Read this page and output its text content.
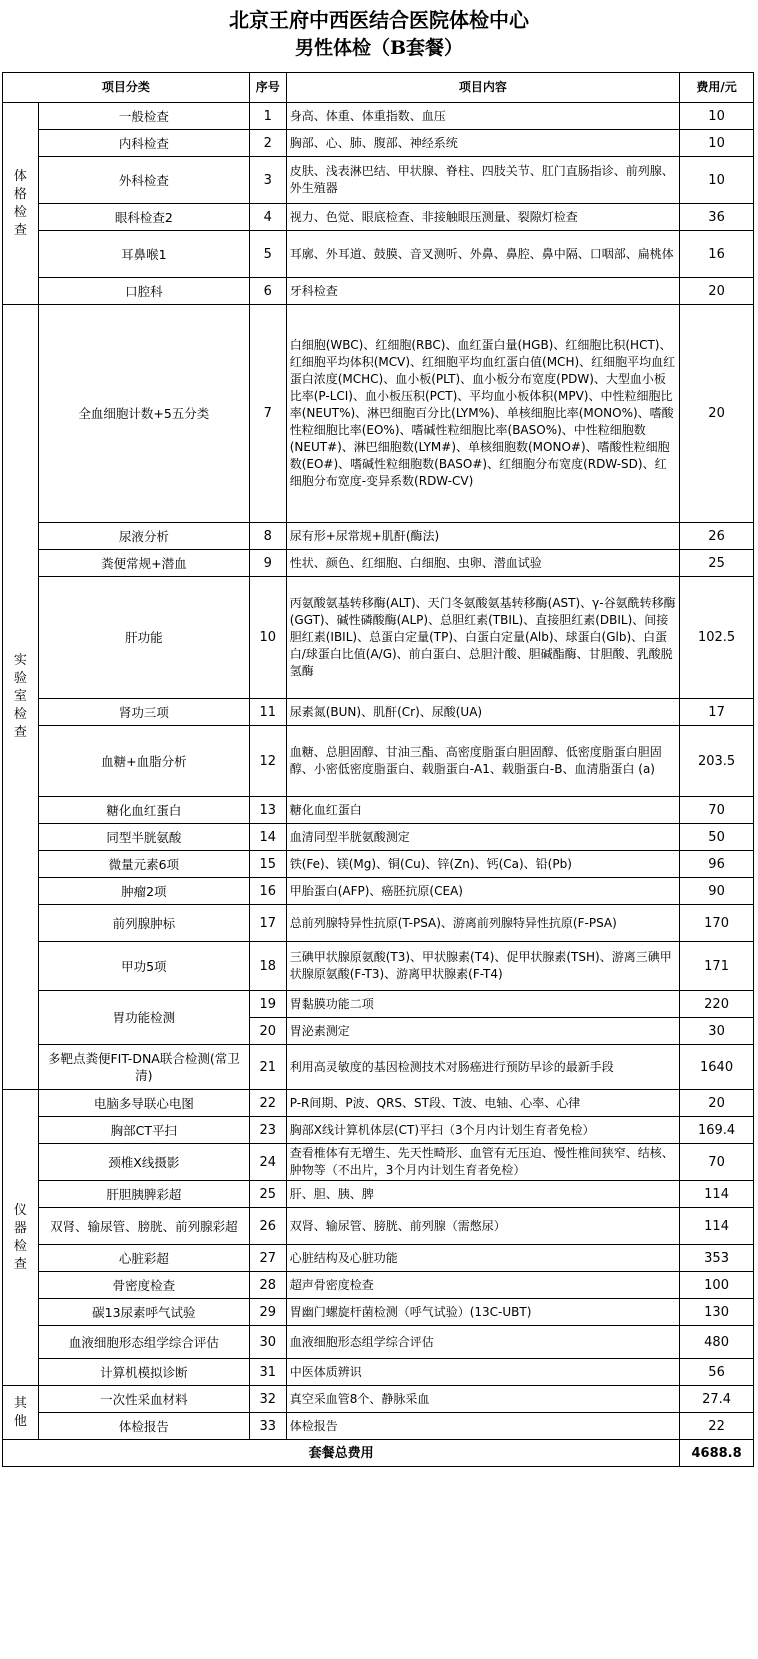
北京王府中西医结合医院体检中心
男性体检（B套餐）
项目分类		序号	项目内容	费用/元
体格检查	一般检查	1	身高、体重、体重指数、血压	10
	内科检查	2	胸部、心、肺、腹部、神经系统	10
	外科检查	3	皮肤、浅表淋巴结、甲状腺、脊柱、四肢关节、肛门直肠指诊、前列腺、外生殖器	10
	眼科检查2	4	视力、色觉、眼底检查、非接触眼压测量、裂隙灯检查	36
	耳鼻喉1	5	耳廓、外耳道、鼓膜、音叉测听、外鼻、鼻腔、鼻中隔、口咽部、扁桃体	16
	口腔科	6	牙科检查	20
实验室检查	全血细胞计数+5五分类	7	白细胞(WBC)、红细胞(RBC)、血红蛋白量(HGB)、红细胞比积(HCT)、红细胞平均体积(MCV)、红细胞平均血红蛋白值(MCH)、红细胞平均血红蛋白浓度(MCHC)、血小板(PLT)、血小板分布宽度(PDW)、大型血小板比率(P-LCI)、血小板压积(PCT)、平均血小板体积(MPV)、中性粒细胞比率(NEUT%)、淋巴细胞百分比(LYM%)、单核细胞比率(MONO%)、嗜酸性粒细胞比率(EO%)、嗜碱性粒细胞比率(BASO%)、中性粒细胞数(NEUT#)、淋巴细胞数(LYM#)、单核细胞数(MONO#)、嗜酸性粒细胞数(EO#)、嗜碱性粒细胞数(BASO#)、红细胞分布宽度(RDW-SD)、红细胞分布宽度-变异系数(RDW-CV)	20
	尿液分析	8	尿有形+尿常规+肌酐(酶法)	26
	粪便常规+潜血	9	性状、颜色、红细胞、白细胞、虫卵、潜血试验	25
	肝功能	10	丙氨酸氨基转移酶(ALT)、天门冬氨酸氨基转移酶(AST)、γ-谷氨酰转移酶(GGT)、碱性磷酸酶(ALP)、总胆红素(TBIL)、直接胆红素(DBIL)、间接胆红素(IBIL)、总蛋白定量(TP)、白蛋白定量(Alb)、球蛋白(Glb)、白蛋白/球蛋白比值(A/G)、前白蛋白、总胆汁酸、胆碱酯酶、甘胆酸、乳酸脱氢酶	102.5
	肾功三项	11	尿素氮(BUN)、肌酐(Cr)、尿酸(UA)	17
	血糖+血脂分析	12	血糖、总胆固醇、甘油三酯、高密度脂蛋白胆固醇、低密度脂蛋白胆固醇、小密低密度脂蛋白、载脂蛋白-A1、载脂蛋白-B、血清脂蛋白 (a)	203.5
	糖化血红蛋白	13	糖化血红蛋白	70
	同型半胱氨酸	14	血清同型半胱氨酸测定	50
	微量元素6项	15	铁(Fe)、镁(Mg)、铜(Cu)、锌(Zn)、钙(Ca)、铅(Pb)	96
	肿瘤2项	16	甲胎蛋白(AFP)、癌胚抗原(CEA)	90
	前列腺肿标	17	总前列腺特异性抗原(T-PSA)、游离前列腺特异性抗原(F-PSA)	170
	甲功5项	18	三碘甲状腺原氨酸(T3)、甲状腺素(T4)、促甲状腺素(TSH)、游离三碘甲状腺原氨酸(F-T3)、游离甲状腺素(F-T4)	171
	胃功能检测	19	胃黏膜功能二项	220
		20	胃泌素测定	30
	多靶点粪便FIT-DNA联合检测(常卫清)	21	利用高灵敏度的基因检测技术对肠癌进行预防早诊的最新手段	1640
仪器检查	电脑多导联心电图	22	P-R间期、P波、QRS、ST段、T波、电轴、心率、心律	20
	胸部CT平扫	23	胸部X线计算机体层(CT)平扫（3个月内计划生育者免检）	169.4
	颈椎X线摄影	24	查看椎体有无增生、先天性畸形、血管有无压迫、慢性椎间狭窄、结核、肿物等（不出片，3个月内计划生育者免检）	70
	肝胆胰脾彩超	25	肝、胆、胰、脾	114
	双肾、输尿管、膀胱、前列腺彩超	26	双肾、输尿管、膀胱、前列腺（需憋尿）	114
	心脏彩超	27	心脏结构及心脏功能	353
	骨密度检查	28	超声骨密度检查	100
	碳13尿素呼气试验	29	胃幽门螺旋杆菌检测（呼气试验）(13C-UBT)	130
	血液细胞形态组学综合评估	30	血液细胞形态组学综合评估	480
	计算机模拟诊断	31	中医体质辨识	56
其他	一次性采血材料	32	真空采血管8个、静脉采血	27.4
	体检报告	33	体检报告	22
套餐总费用				4688.8
